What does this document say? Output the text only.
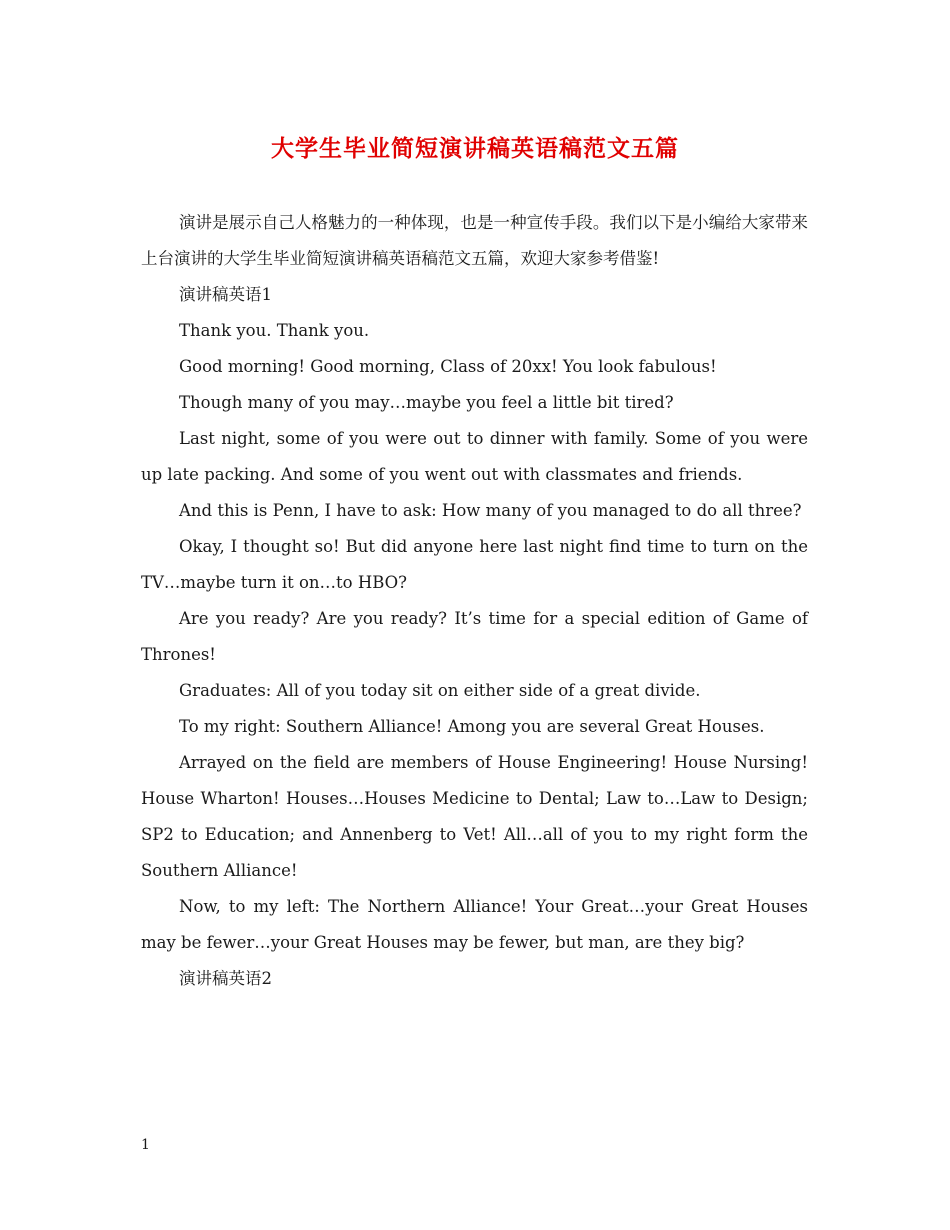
大学生毕业简短演讲稿英语稿范文五篇

演讲是展示自己人格魅力的一种体现，也是一种宣传手段。我们以下是小编给大家带来上台演讲的大学生毕业简短演讲稿英语稿范文五篇，欢迎大家参考借鉴!

演讲稿英语1

Thank you. Thank you.

Good morning! Good morning, Class of 20xx! You look fabulous!

Though many of you may…maybe you feel a little bit tired?

Last night, some of you were out to dinner with family. Some of you were up late packing. And some of you went out with classmates and friends.

And this is Penn, I have to ask: How many of you managed to do all three?

Okay, I thought so! But did anyone here last night find time to turn on the TV…maybe turn it on…to HBO?

Are you ready? Are you ready? It’s time for a special edition of Game of Thrones!

Graduates: All of you today sit on either side of a great divide.

To my right: Southern Alliance! Among you are several Great Houses.

Arrayed on the field are members of House Engineering! House Nursing! House Wharton! Houses…Houses Medicine to Dental; Law to…Law to Design; SP2 to Education; and Annenberg to Vet! All…all of you to my right form the Southern Alliance!

Now, to my left: The Northern Alliance! Your Great…your Great Houses may be fewer…your Great Houses may be fewer, but man, are they big?

演讲稿英语2

1
